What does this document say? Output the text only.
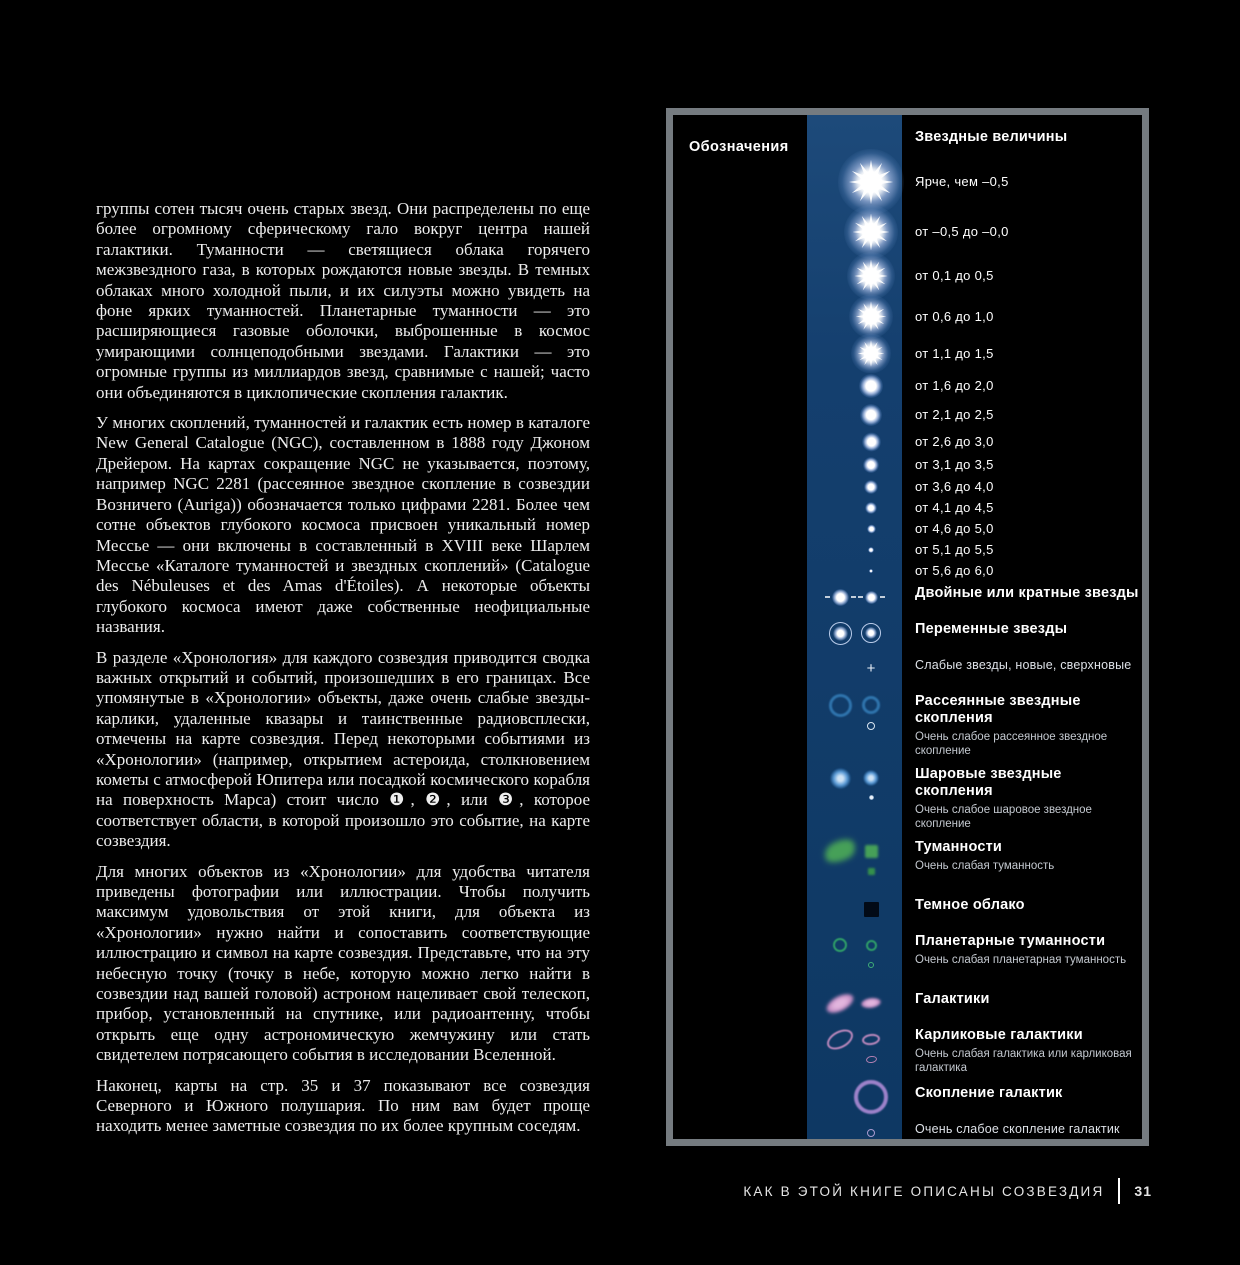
группы сотен тысяч очень старых звезд. Они распределены по еще более огромному сферическому гало вокруг центра нашей галактики. Туманности — светящиеся облака горячего межзвездного газа, в которых рождаются новые звезды. В темных облаках много холодной пыли, и их силуэты можно увидеть на фоне ярких туманностей. Планетарные туманности — это расширяющиеся газовые оболочки, выброшенные в космос умирающими солнцеподобными звездами. Галактики — это огромные группы из миллиардов звезд, сравнимые с нашей; часто они объединяются в циклопические скопления галактик.

У многих скоплений, туманностей и галактик есть номер в каталоге New General Catalogue (NGC), составленном в 1888 году Джоном Дрейером. На картах сокращение NGC не указывается, поэтому, например NGC 2281 (рассеянное звездное скопление в созвездии Возничего (Auriga)) обозначается только цифрами 2281. Более чем сотне объектов глубокого космоса присвоен уникальный номер Мессье — они включены в составленный в XVIII веке Шарлем Мессье «Каталоге туманностей и звездных скоплений» (Catalogue des Nébuleuses et des Amas d'Étoiles). А некоторые объекты глубокого космоса имеют даже собственные неофициальные названия.

В разделе «Хронология» для каждого созвездия приводится сводка важных открытий и событий, произошедших в его границах. Все упомянутые в «Хронологии» объекты, даже очень слабые звезды-карлики, удаленные квазары и таинственные радиовсплески, отмечены на карте созвездия. Перед некоторыми событиями из «Хронологии» (например, открытием астероида, столкновением кометы с атмосферой Юпитера или посадкой космического корабля на поверхность Марса) стоит число ❶, ❷, или ❸, которое соответствует области, в которой произошло это событие, на карте созвездия.

Для многих объектов из «Хронологии» для удобства читателя приведены фотографии или иллюстрации. Чтобы получить максимум удовольствия от этой книги, для объекта из «Хронологии» нужно найти и сопоставить соответствующие иллюстрацию и символ на карте созвездия. Представьте, что на эту небесную точку (точку в небе, которую можно легко найти в созвездии над вашей головой) астроном нацеливает свой телескоп, прибор, установленный на спутнике, или радиоантенну, чтобы открыть еще одну астрономическую жемчужину или стать свидетелем потрясающего события в исследовании Вселенной.

Наконец, карты на стр. 35 и 37 показывают все созвездия Северного и Южного полушария. По ним вам будет проще находить менее заметные созвездия по их более крупным соседям.

Обозначения
Звездные величины
Ярче, чем –0,5
от –0,5 до –0,0
от 0,1 до 0,5
от 0,6 до 1,0
от 1,1 до 1,5
от 1,6 до 2,0
от 2,1 до 2,5
от 2,6 до 3,0
от 3,1 до 3,5
от 3,6 до 4,0
от 4,1 до 4,5
от 4,6 до 5,0
от 5,1 до 5,5
от 5,6 до 6,0
Двойные или кратные звезды
Переменные звезды
+
Слабые звезды, новые, сверхновые
Рассеянные звездные скопления
Очень слабое рассеянное звездное скопление
Шаровые звездные скопления
Очень слабое шаровое звездное скопление
Туманности
Очень слабая туманность
Темное облако
Планетарные туманности
Очень слабая планетарная туманность
Галактики
Карликовые галактики
Очень слабая галактика или карликовая галактика
Скопление галактик
Очень слабое скопление галактик
КАК В ЭТОЙ КНИГЕ ОПИСАНЫ СОЗВЕЗДИЯ 31
